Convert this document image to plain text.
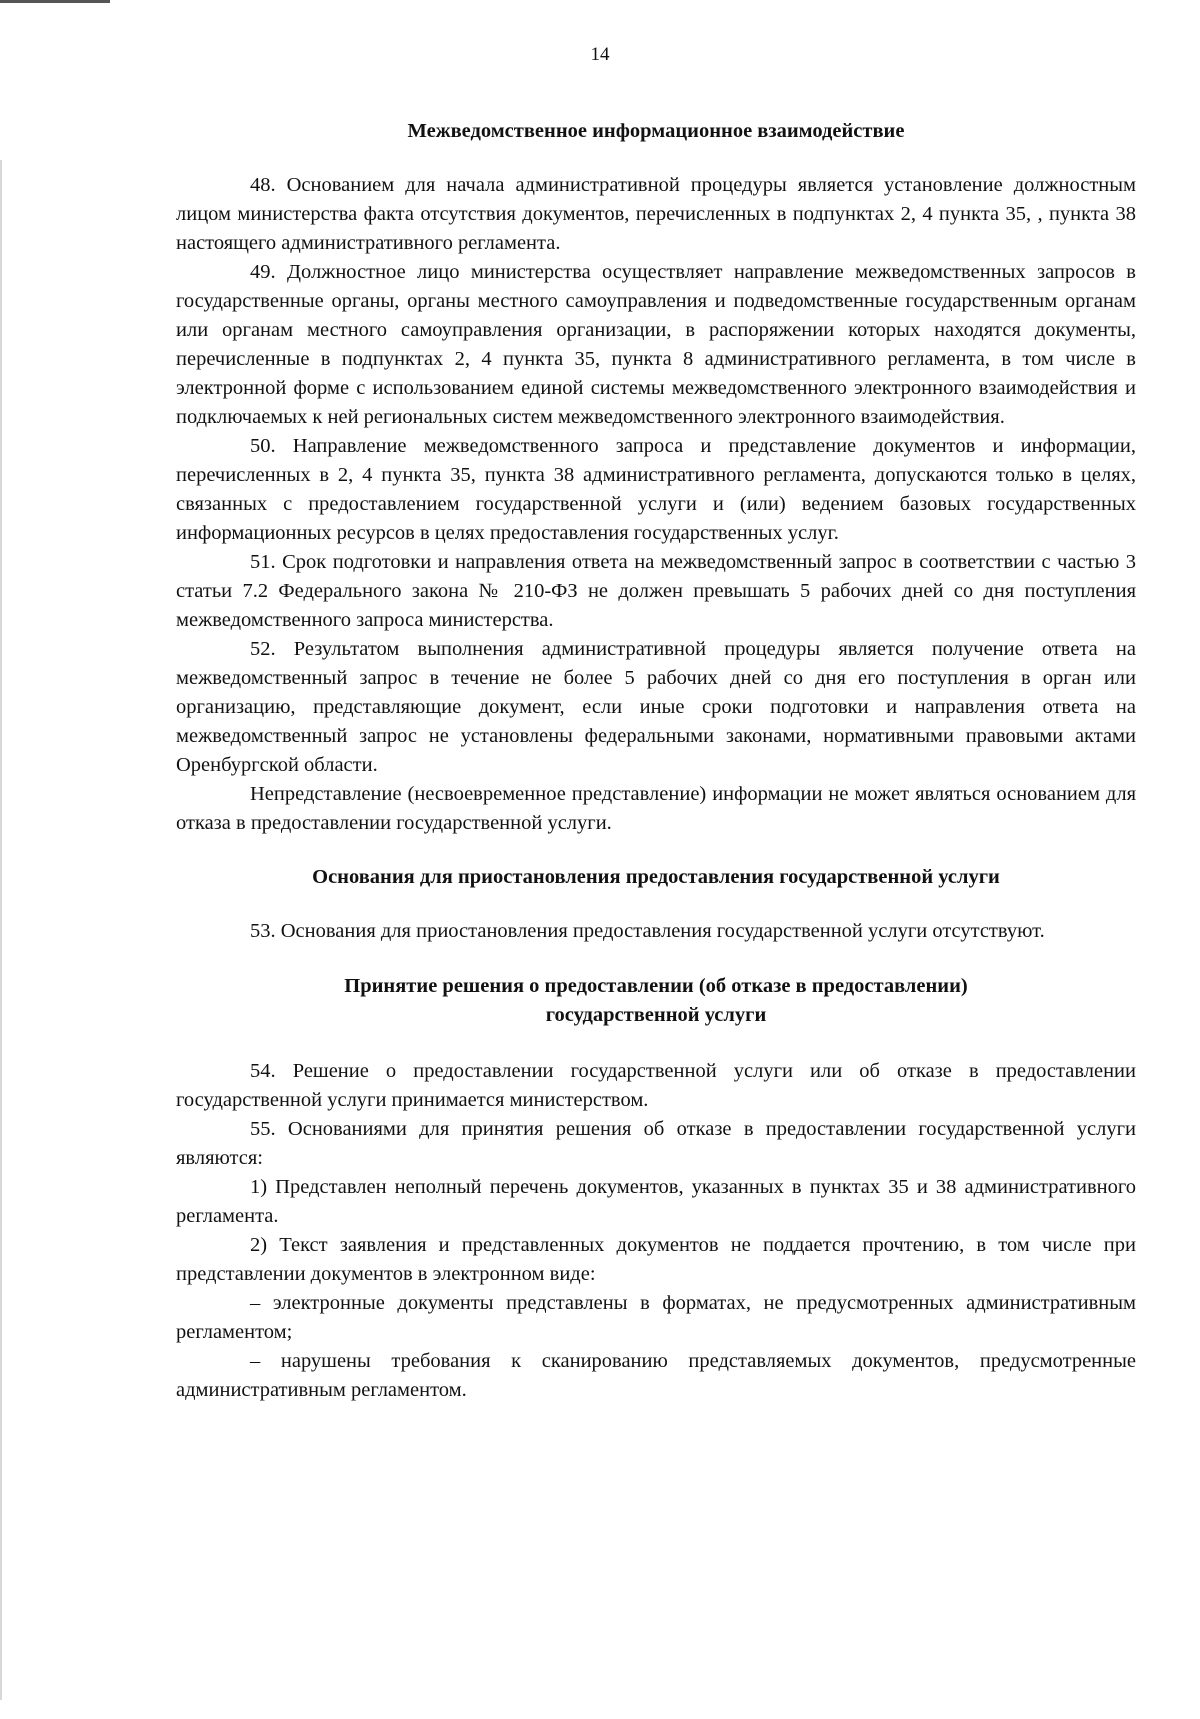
14

Межведомственное информационное взаимодействие

48. Основанием для начала административной процедуры является установление должностным лицом министерства факта отсутствия документов, перечисленных в подпунктах 2, 4 пункта 35, , пункта 38 настоящего административного регламента.

49. Должностное лицо министерства осуществляет направление межведомственных запросов в государственные органы, органы местного самоуправления и подведомственные государственным органам или органам местного самоуправления организации, в распоряжении которых находятся документы, перечисленные в подпунктах 2, 4 пункта 35, пункта 8 административного регламента, в том числе в электронной форме с использованием единой системы межведомственного электронного взаимодействия и подключаемых к ней региональных систем межведомственного электронного взаимодействия.

50. Направление межведомственного запроса и представление документов и информации, перечисленных в 2, 4 пункта 35, пункта 38 административного регламента, допускаются только в целях, связанных с предоставлением государственной услуги и (или) ведением базовых государственных информационных ресурсов в целях предоставления государственных услуг.

51. Срок подготовки и направления ответа на межведомственный запрос в соответствии с частью 3 статьи 7.2 Федерального закона № 210-ФЗ не должен превышать 5 рабочих дней со дня поступления межведомственного запроса министерства.

52. Результатом выполнения административной процедуры является получение ответа на межведомственный запрос в течение не более 5 рабочих дней со дня его поступления в орган или организацию, представляющие документ, если иные сроки подготовки и направления ответа на межведомственный запрос не установлены федеральными законами, нормативными правовыми актами Оренбургской области.

Непредставление (несвоевременное представление) информации не может являться основанием для отказа в предоставлении государственной услуги.

Основания для приостановления предоставления государственной услуги

53. Основания для приостановления предоставления государственной услуги отсутствуют.

Принятие решения о предоставлении (об отказе в предоставлении)
государственной услуги

54. Решение о предоставлении государственной услуги или об отказе в предоставлении государственной услуги принимается министерством.

55. Основаниями для принятия решения об отказе в предоставлении государственной услуги являются:

1) Представлен неполный перечень документов, указанных в пунктах 35 и 38 административного регламента.

2) Текст заявления и представленных документов не поддается прочтению, в том числе при представлении документов в электронном виде:

– электронные документы представлены в форматах, не предусмотренных административным регламентом;

– нарушены требования к сканированию представляемых документов, предусмотренные административным регламентом.
